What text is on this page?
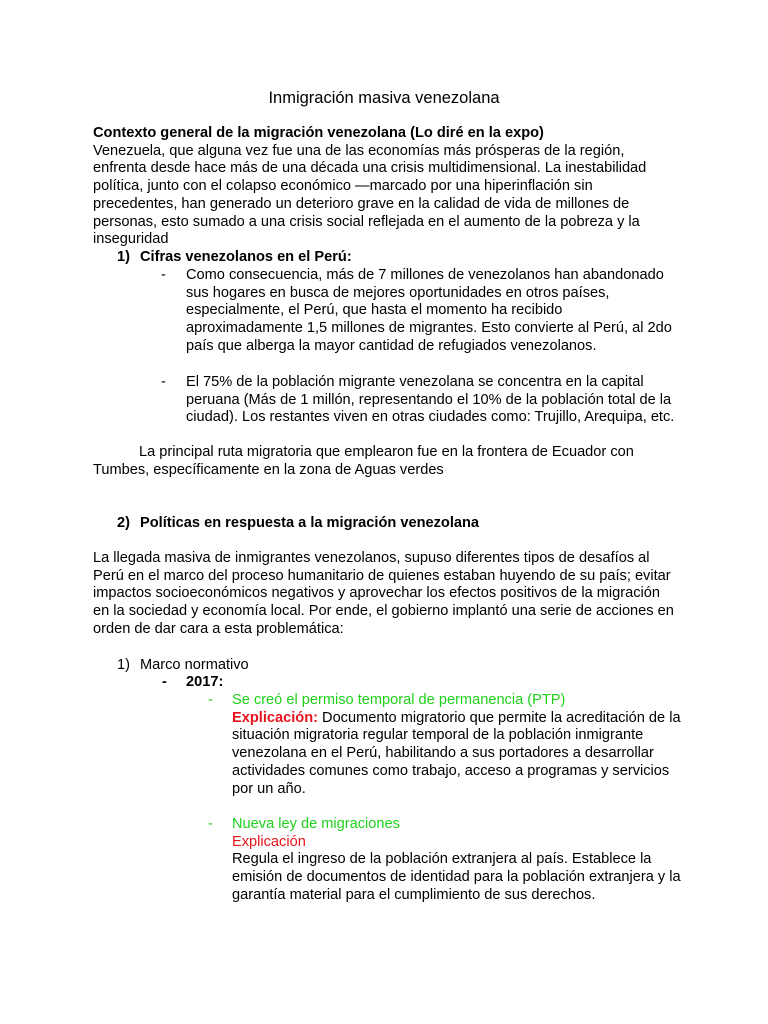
Inmigración masiva venezolana

Contexto general de la migración venezolana (Lo diré en la expo)

Venezuela, que alguna vez fue una de las economías más prósperas de la región, enfrenta desde hace más de una década una crisis multidimensional. La inestabilidad política, junto con el colapso económico —marcado por una hiperinflación sin precedentes, han generado un deterioro grave en la calidad de vida de millones de personas, esto sumado a una crisis social reflejada en el aumento de la pobreza y la inseguridad

1) Cifras venezolanos en el Perú:
- Como consecuencia, más de 7 millones de venezolanos han abandonado sus hogares en busca de mejores oportunidades en otros países, especialmente, el Perú, que hasta el momento ha recibido aproximadamente 1,5 millones de migrantes. Esto convierte al Perú, al 2do país que alberga la mayor cantidad de refugiados venezolanos.

- El 75% de la población migrante venezolana se concentra en la capital peruana (Más de 1 millón, representando el 10% de la población total de la ciudad). Los restantes viven en otras ciudades como: Trujillo, Arequipa, etc.

La principal ruta migratoria que emplearon fue en la frontera de Ecuador con Tumbes, específicamente en la zona de Aguas verdes

2) Políticas en respuesta a la migración venezolana

La llegada masiva de inmigrantes venezolanos, supuso diferentes tipos de desafíos al Perú en el marco del proceso humanitario de quienes estaban huyendo de su país; evitar impactos socioeconómicos negativos y aprovechar los efectos positivos de la migración en la sociedad y economía local. Por ende, el gobierno implantó una serie de acciones en orden de dar cara a esta problemática:

1) Marco normativo
- 2017:
- Se creó el permiso temporal de permanencia (PTP)

Explicación: Documento migratorio que permite la acreditación de la situación migratoria regular temporal de la población inmigrante venezolana en el Perú, habilitando a sus portadores a desarrollar actividades comunes como trabajo, acceso a programas y servicios por un año.

- Nueva ley de migraciones

Explicación

Regula el ingreso de la población extranjera al país. Establece la emisión de documentos de identidad para la población extranjera y la garantía material para el cumplimiento de sus derechos.
